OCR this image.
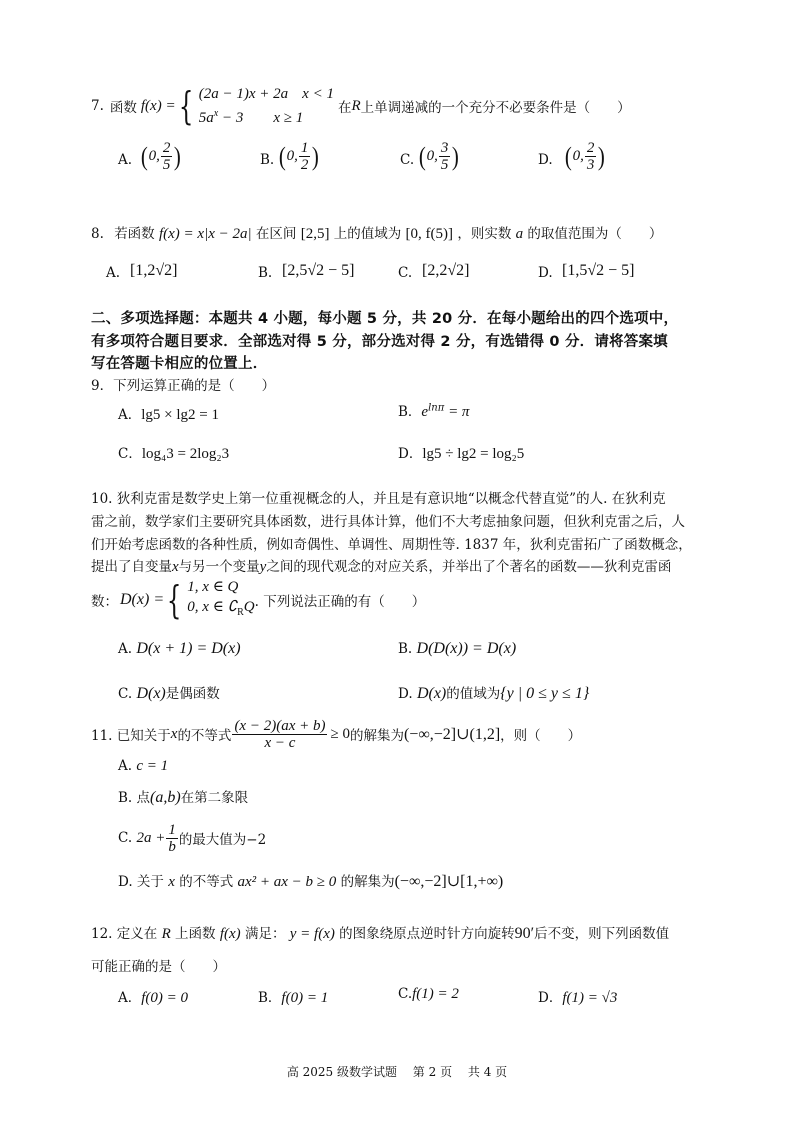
7. 函数 f(x) = { (2a − 1)x + 2a x < 1
$5a^x - 3$ x ≥ 1
在 R 上单调递减的一个充分不必要条件是（　　）
A. (0, $\frac{2}{5}$ )	B. (0, $\frac{1}{2}$ )	C. (0, $\frac{3}{5}$ )	D. (0, $\frac{2}{3}$ )
8. 若函数 f(x) = x|x − 2a| 在区间 [2,5] 上的值域为 [0, f(5)] ，则实数 a 的取值范围为（　　）
A. [1,2√2]	B. [2,5√2 − 5]	C. [2,2√2]	D. [1,5√2 − 5]
二、多项选择题：本题共 4 小题，每小题 5 分，共 20 分．在每小题给出的四个选项中，
有多项符合题目要求．全部选对得 5 分，部分选对得 2 分，有选错得 0 分．请将答案填
写在答题卡相应的位置上．
9．下列运算正确的是（　　）
A．lg5 × lg2 = 1	B．$e^{ln\pi} = \pi$
C．log₄3 = 2log₂3	D．lg5 ÷ lg2 = log₂5
10. 狄利克雷是数学史上第一位重视概念的人，并且是有意识地“以概念代替直觉”的人. 在狄利克
雷之前，数学家们主要研究具体函数，进行具体计算，他们不大考虑抽象问题，但狄利克雷之后，人
们开始考虑函数的各种性质，例如奇偶性、单调性、周期性等. 1837 年，狄利克雷拓广了函数概念，
提出了自变量x与另一个变量y之间的现代观念的对应关系，并举出了个著名的函数——狄利克雷函
数： D(x) = { 1, x ∈ Q
0, x ∈ $∁_RQ$ . 下列说法正确的有（　　）
A. D(x + 1) = D(x)	B. D(D(x)) = D(x)
C. D(x)是偶函数	D. D(x)的值域为{y | 0 ≤ y ≤ 1}
11. 已知关于 x 的不等式 $\frac{(x - 2)(ax + b)}{x - c} \ge 0$ 的解集为 (−∞,−2]∪(1,2] ，则（　　）
A. c = 1
B. 点(a,b)在第二象限
C.
$2a + \frac{1}{b}$ 的最大值为−2
D. 关于 x 的不等式 ax² + ax − b ≥ 0 的解集为(−∞,−2]∪[1,+∞)
12. 定义在 R 上函数 f(x) 满足： y = f(x) 的图象绕原点逆时针方向旋转90′后不变，则下列函数值
可能正确的是（　　）
A．f(0) = 0	B．f(0) = 1	C.f(1) = 2	D．f(1) = √3
高 2025 级数学试题　 第 2 页　 共 4 页
